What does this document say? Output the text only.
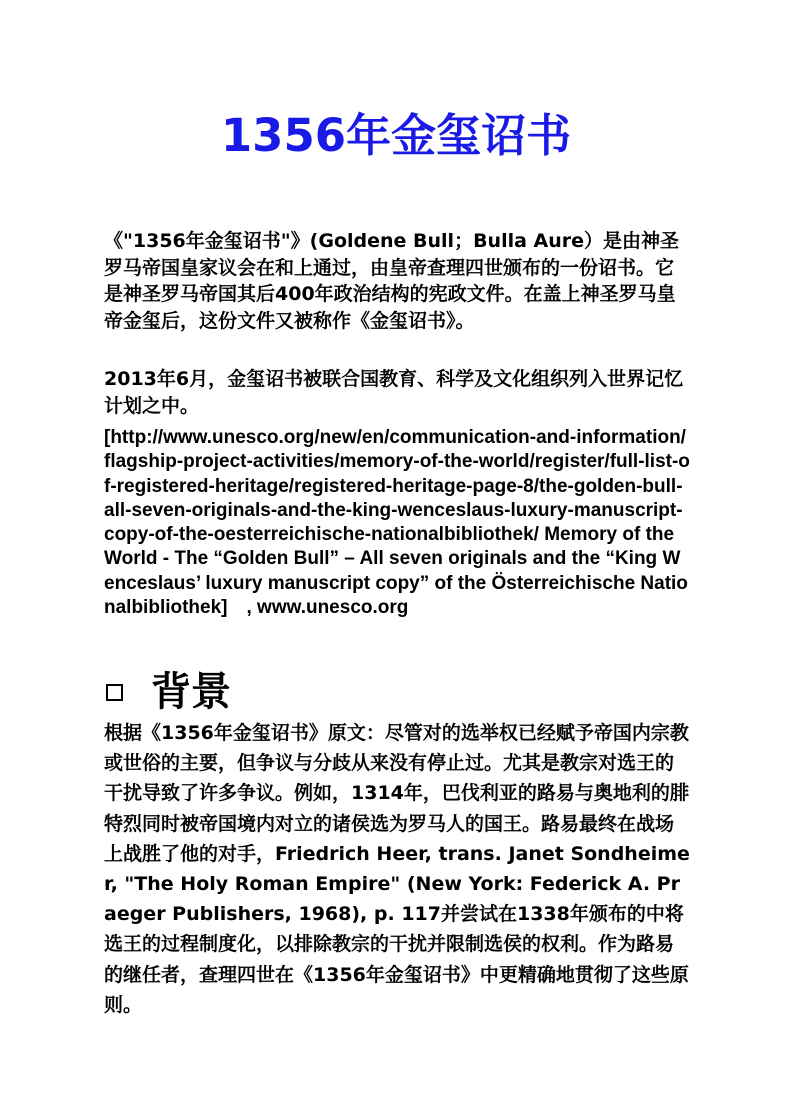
1356年金玺诏书

《"1356年金玺诏书"》(Goldene Bull；Bulla Aure）是由神圣罗马帝国皇家议会在和上通过，由皇帝查理四世颁布的一份诏书。它是神圣罗马帝国其后400年政治结构的宪政文件。在盖上神圣罗马皇帝金玺后，这份文件又被称作《金玺诏书》。

2013年6月，金玺诏书被联合国教育、科学及文化组织列入世界记忆计划之中。

[http://www.unesco.org/new/en/communication-and-information/flagship-project-activities/memory-of-the-world/register/full-list-of-registered-heritage/registered-heritage-page-8/the-golden-bull-all-seven-originals-and-the-king-wenceslaus-luxury-manuscript-copy-of-the-oesterreichische-nationalbibliothek/ Memory of the World - The “Golden Bull” – All seven originals and the “King Wenceslaus’ luxury manuscript copy” of the Österreichische Nationalbibliothek]　, www.unesco.org

背景

根据《1356年金玺诏书》原文：尽管对的选举权已经赋予帝国内宗教或世俗的主要，但争议与分歧从来没有停止过。尤其是教宗对选王的干扰导致了许多争议。例如，1314年，巴伐利亚的路易与奥地利的腓特烈同时被帝国境内对立的诸侯选为罗马人的国王。路易最终在战场上战胜了他的对手，Friedrich Heer, trans. Janet Sondheimer, "The Holy Roman Empire" (New York: Federick A. Praeger Publishers, 1968), p. 117并尝试在1338年颁布的中将选王的过程制度化，以排除教宗的干扰并限制选侯的权利。作为路易的继任者，查理四世在《1356年金玺诏书》中更精确地贯彻了这些原则。
